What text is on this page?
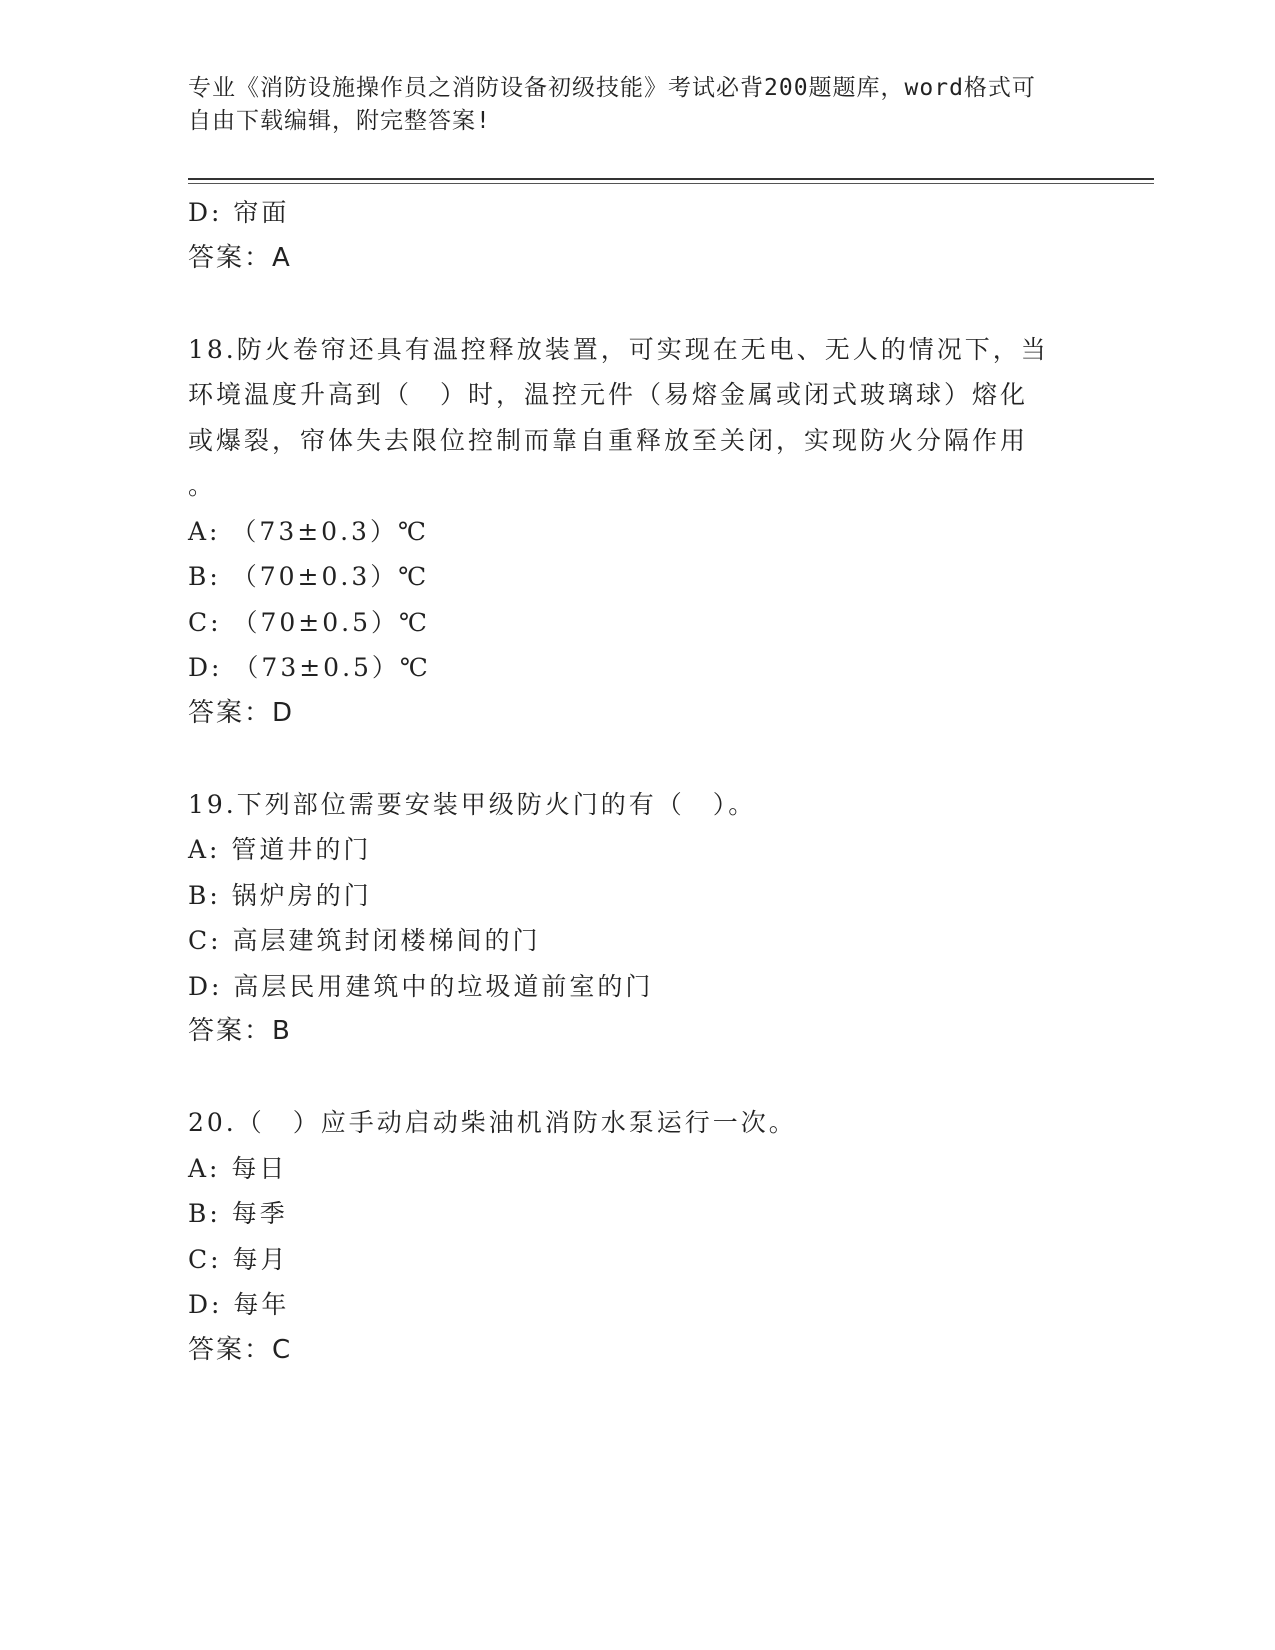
专业《消防设施操作员之消防设备初级技能》考试必背200题题库，word格式可
自由下载编辑，附完整答案!
D: 帘面
答案：A
18.防火卷帘还具有温控释放装置，可实现在无电、无人的情况下，当
环境温度升高到（　）时，温控元件（易熔金属或闭式玻璃球）熔化
或爆裂，帘体失去限位控制而靠自重释放至关闭，实现防火分隔作用
。
A: （73±0.3）℃
B: （70±0.3）℃
C: （70±0.5）℃
D: （73±0.5）℃
答案：D
19.下列部位需要安装甲级防火门的有（　）。
A: 管道井的门
B: 锅炉房的门
C: 高层建筑封闭楼梯间的门
D: 高层民用建筑中的垃圾道前室的门
答案：B
20.（　）应手动启动柴油机消防水泵运行一次。
A: 每日
B: 每季
C: 每月
D: 每年
答案：C
